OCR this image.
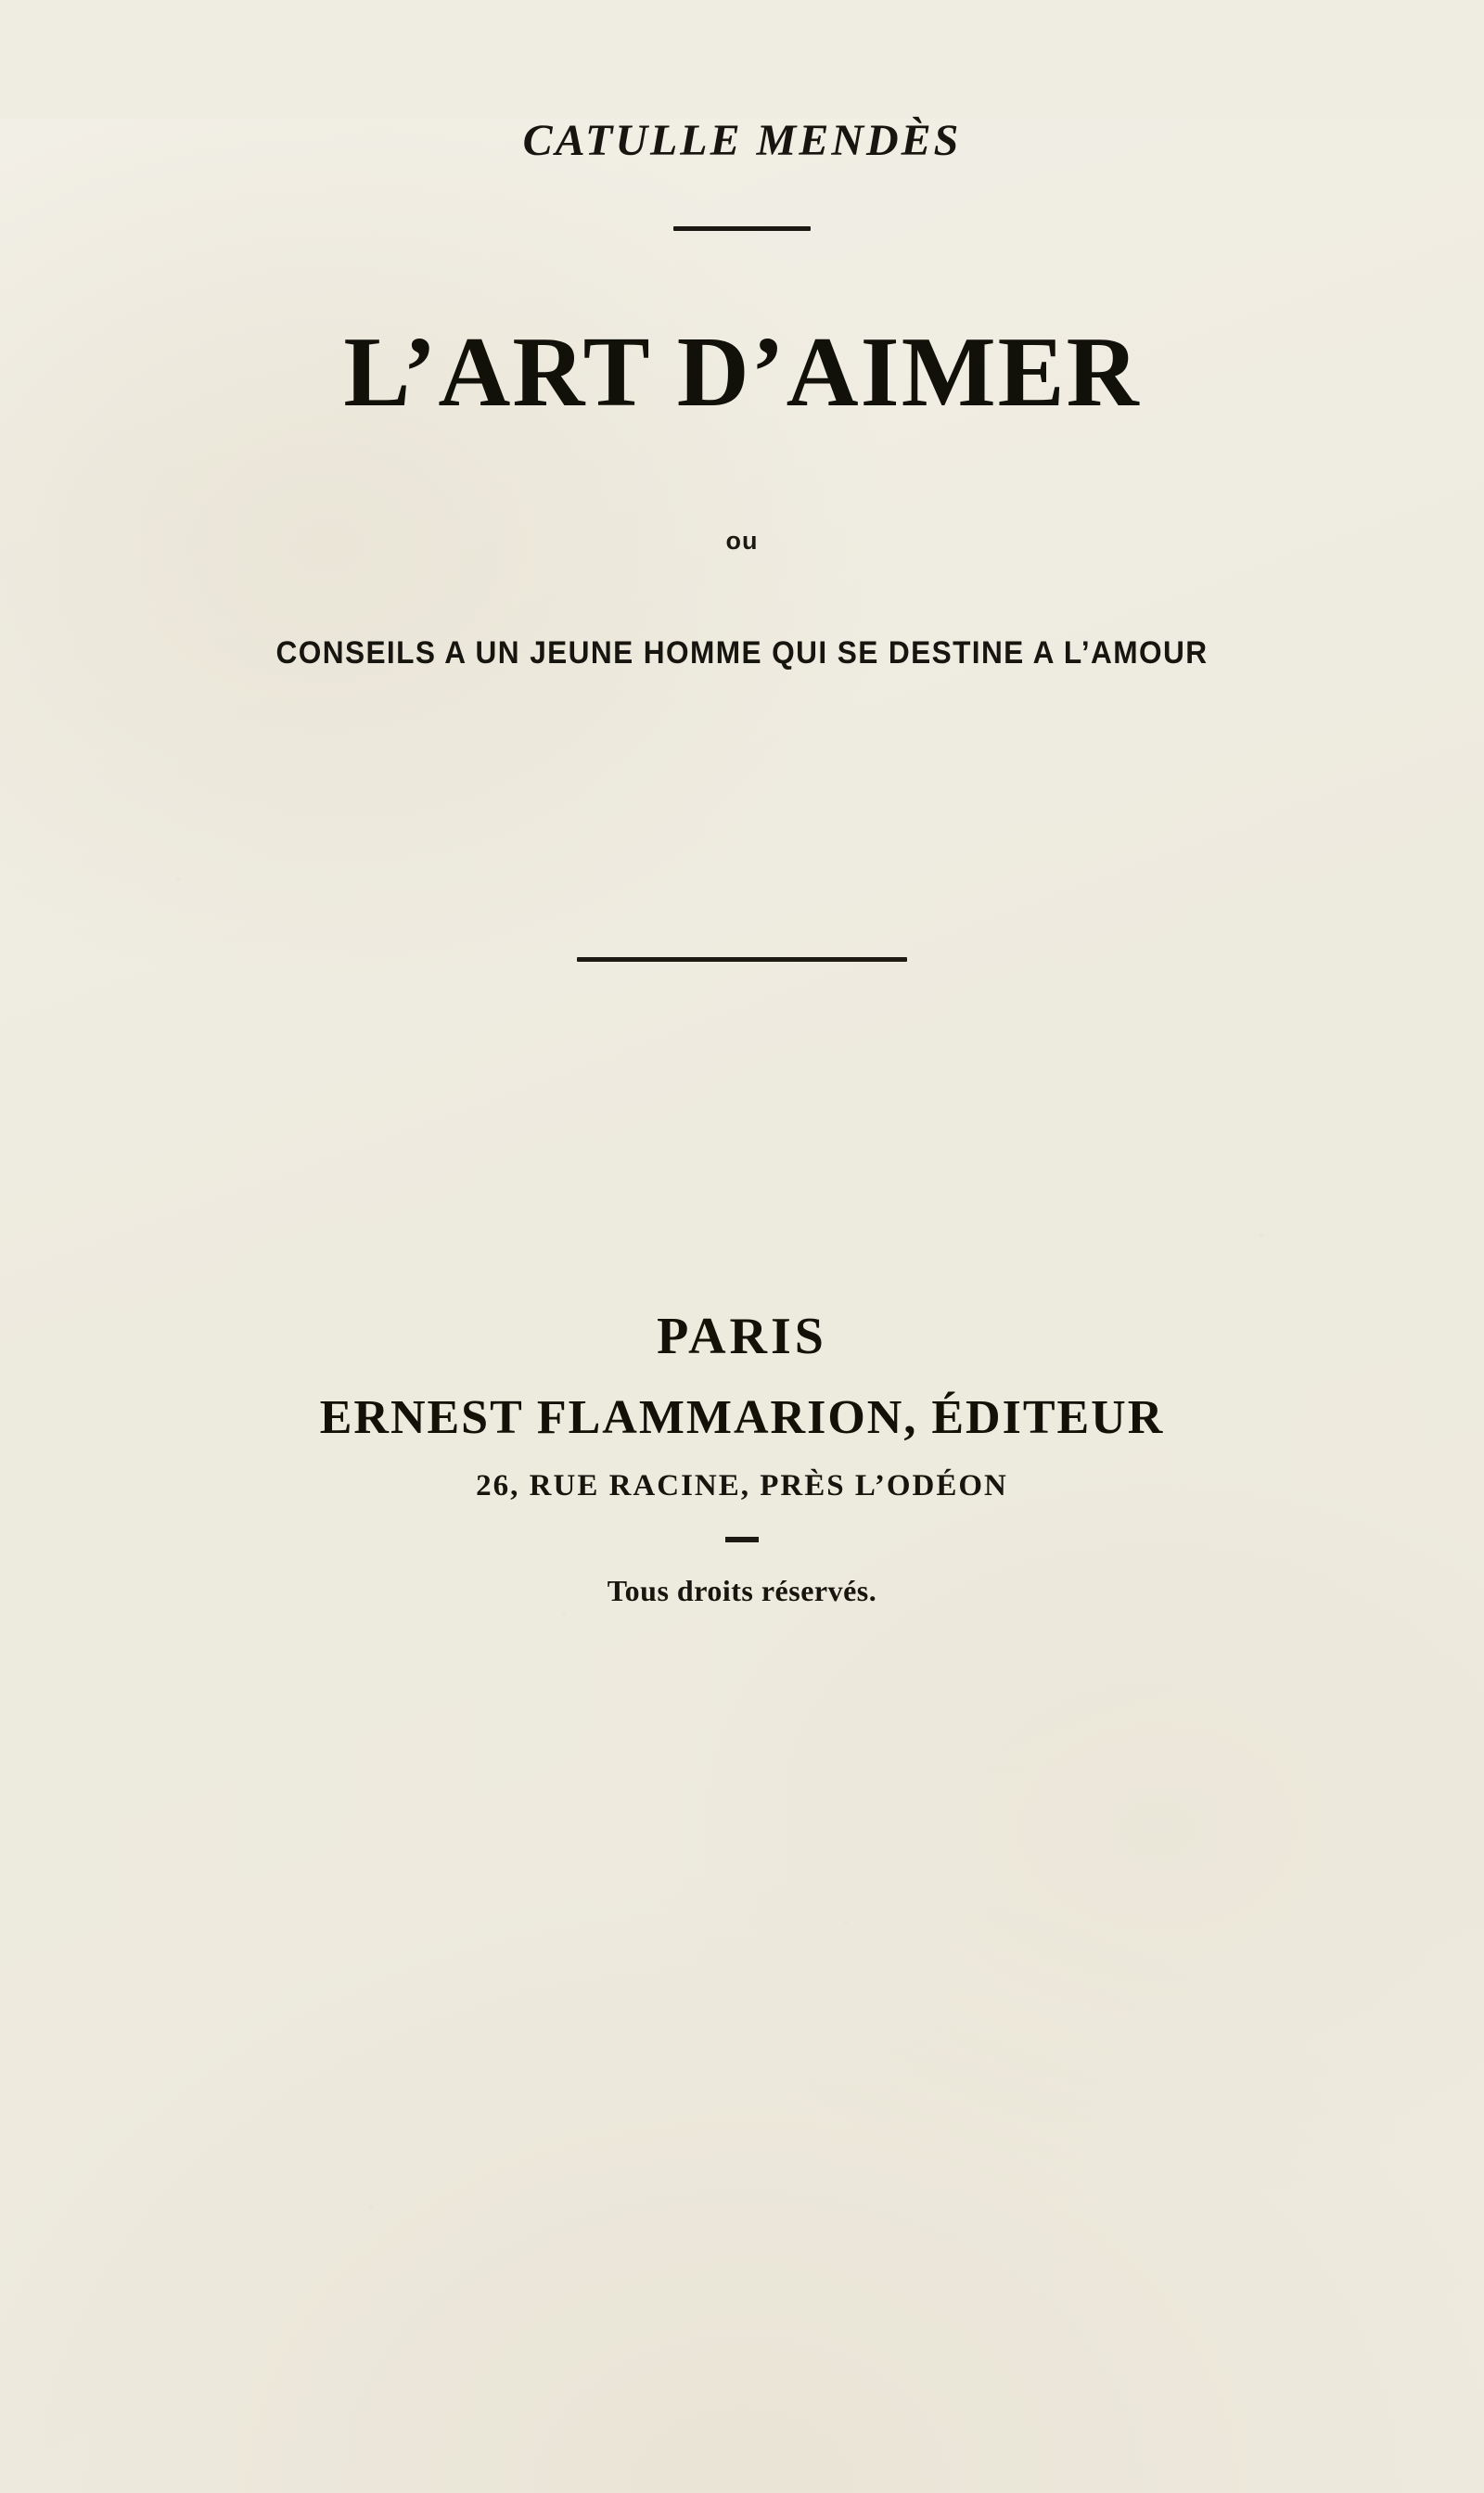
CATULLE MENDÈS
L’ART D’AIMER
ou
CONSEILS A UN JEUNE HOMME QUI SE DESTINE A L’AMOUR
PARIS
ERNEST FLAMMARION, ÉDITEUR
26, RUE RACINE, PRÈS L’ODÉON
Tous droits réservés.
